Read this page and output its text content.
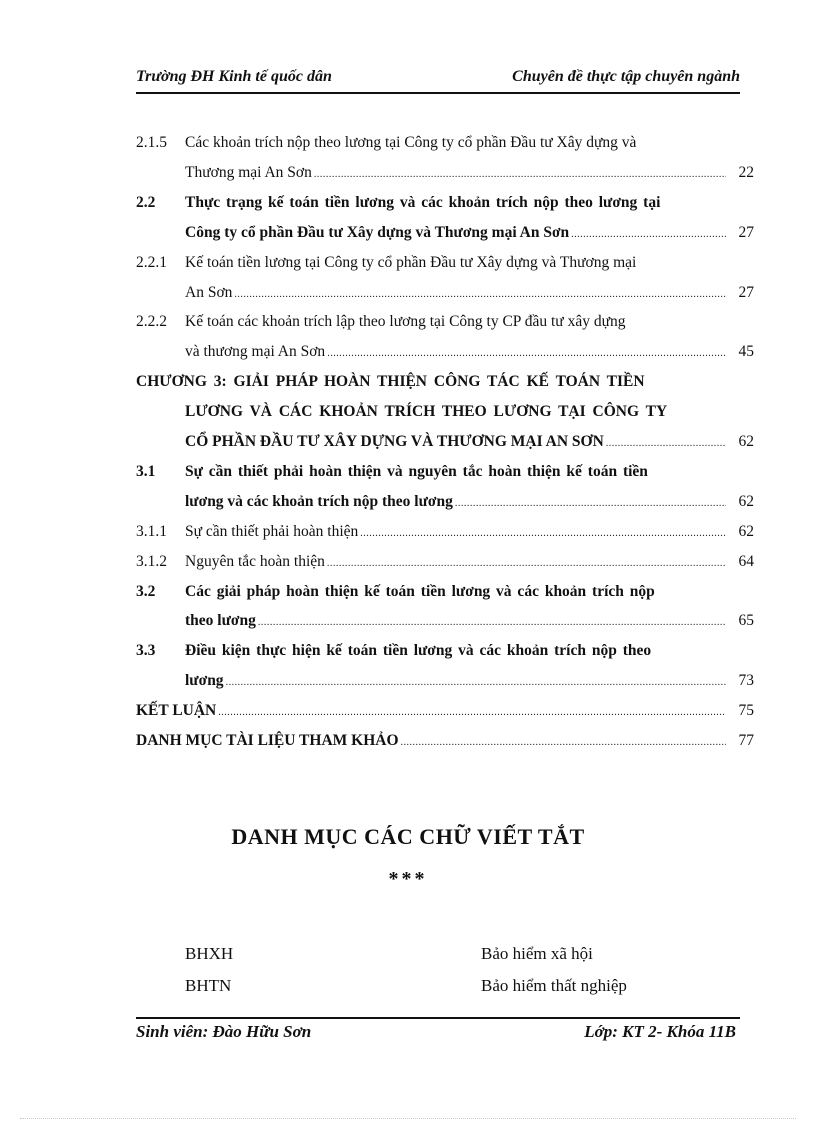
Trường ĐH Kinh tế quốc dân	Chuyên đề thực tập chuyên ngành
2.1.5 Các khoản trích nộp theo lương tại Công ty cổ phần Đầu tư Xây dựng và
Thương mại An Sơn .....	22
2.2 Thực trạng kế toán tiền lương và các khoản trích nộp theo lương tại
Công ty cổ phần Đầu tư Xây dựng và Thương mại An Sơn .....	27
2.2.1 Kế toán tiền lương tại Công ty cổ phần Đầu tư Xây dựng và Thương mại
An Sơn .....	27
2.2.2 Kế toán các khoản trích lập theo lương tại Công ty CP đầu tư xây dựng
và thương mại An Sơn .....	45
CHƯƠNG 3: GIẢI PHÁP HOÀN THIỆN CÔNG TÁC KẾ TOÁN TIỀN
LƯƠNG VÀ CÁC KHOẢN TRÍCH THEO LƯƠNG TẠI CÔNG TY
CỔ PHẦN ĐẦU TƯ XÂY DỰNG VÀ THƯƠNG MẠI AN SƠN .....	62
3.1 Sự cần thiết phải hoàn thiện và nguyên tắc hoàn thiện kế toán tiền
lương và các khoản trích nộp theo lương .....	62
3.1.1 Sự cần thiết phải hoàn thiện .....	62
3.1.2 Nguyên tắc hoàn thiện .....	64
3.2 Các giải pháp hoàn thiện kế toán tiền lương và các khoản trích nộp
theo lương .....	65
3.3 Điều kiện thực hiện kế toán tiền lương và các khoản trích nộp theo
lương .....	73
KẾT LUẬN .....	75
DANH MỤC TÀI LIỆU THAM KHẢO .....	77
DANH MỤC CÁC CHỮ VIẾT TẮT
***
BHXH	Bảo hiểm xã hội
BHTN	Bảo hiểm thất nghiệp
Sinh viên: Đào Hữu Sơn	Lớp: KT 2- Khóa 11B
